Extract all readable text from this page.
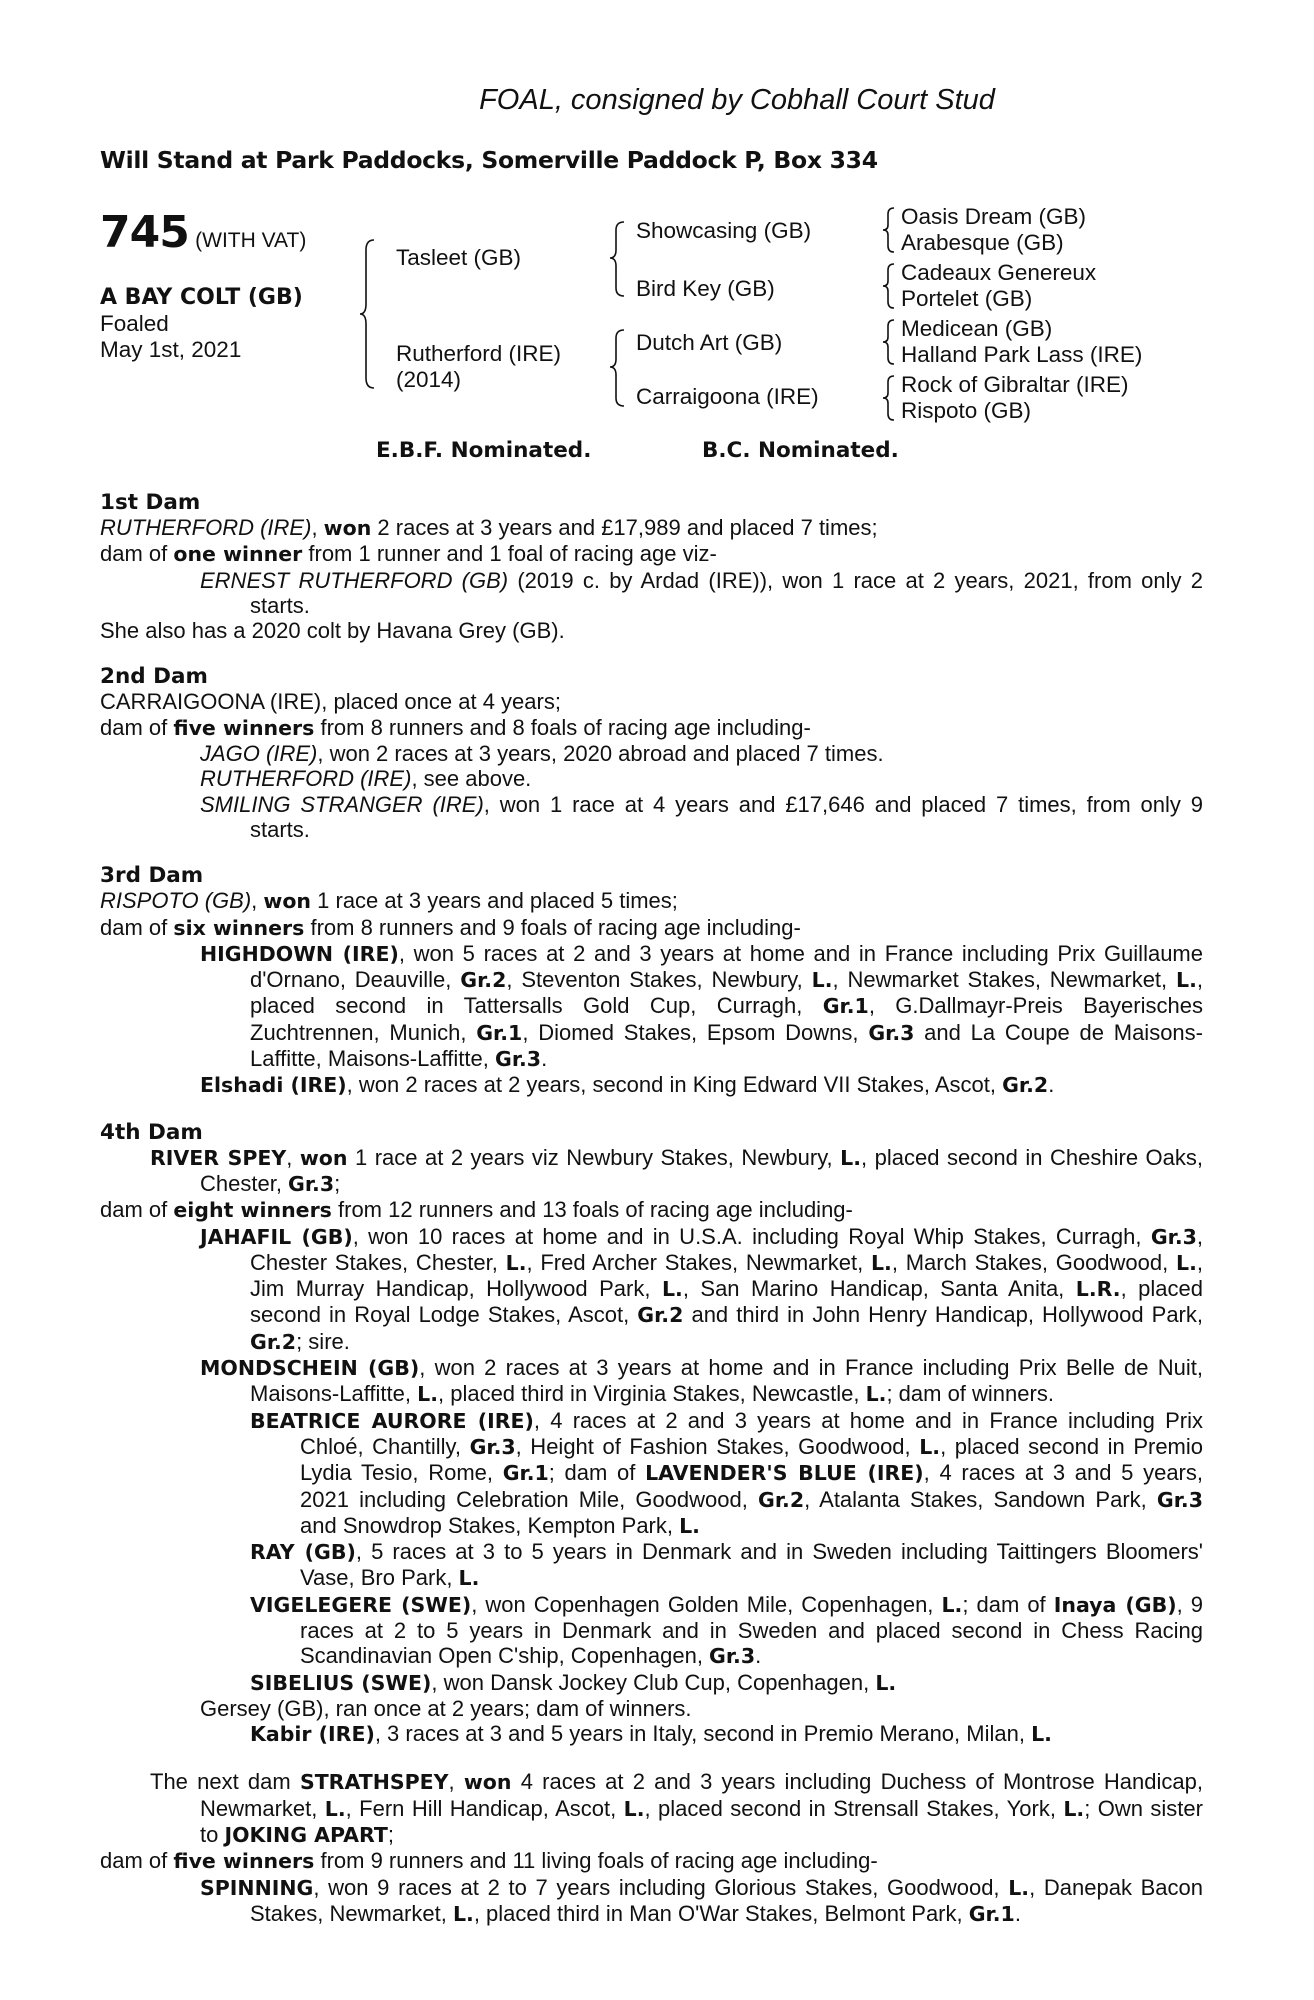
FOAL, consigned by Cobhall Court Stud
Will Stand at Park Paddocks, Somerville Paddock P, Box 334
745 (WITH VAT)
A BAY COLT (GB)
Foaled
May 1st, 2021
Tasleet (GB)
Rutherford (IRE)
(2014)
Showcasing (GB)
Bird Key (GB)
Dutch Art (GB)
Carraigoona (IRE)
Oasis Dream (GB)
Arabesque (GB)
Cadeaux Genereux
Portelet (GB)
Medicean (GB)
Halland Park Lass (IRE)
Rock of Gibraltar (IRE)
Rispoto (GB)
E.B.F. Nominated.	B.C. Nominated.
1st Dam
RUTHERFORD (IRE), won 2 races at 3 years and £17,989 and placed 7 times;
dam of one winner from 1 runner and 1 foal of racing age viz-
ERNEST RUTHERFORD (GB) (2019 c. by Ardad (IRE)), won 1 race at 2 years, 2021, from only 2 starts.
She also has a 2020 colt by Havana Grey (GB).
2nd Dam
CARRAIGOONA (IRE), placed once at 4 years;
dam of five winners from 8 runners and 8 foals of racing age including-
JAGO (IRE), won 2 races at 3 years, 2020 abroad and placed 7 times.
RUTHERFORD (IRE), see above.
SMILING STRANGER (IRE), won 1 race at 4 years and £17,646 and placed 7 times, from only 9 starts.
3rd Dam
RISPOTO (GB), won 1 race at 3 years and placed 5 times;
dam of six winners from 8 runners and 9 foals of racing age including-
HIGHDOWN (IRE), won 5 races at 2 and 3 years at home and in France including Prix Guillaume d'Ornano, Deauville, Gr.2, Steventon Stakes, Newbury, L., Newmarket Stakes, Newmarket, L., placed second in Tattersalls Gold Cup, Curragh, Gr.1, G.Dallmayr-Preis Bayerisches Zuchtrennen, Munich, Gr.1, Diomed Stakes, Epsom Downs, Gr.3 and La Coupe de Maisons-Laffitte, Maisons-Laffitte, Gr.3.
Elshadi (IRE), won 2 races at 2 years, second in King Edward VII Stakes, Ascot, Gr.2.
4th Dam
RIVER SPEY, won 1 race at 2 years viz Newbury Stakes, Newbury, L., placed second in Cheshire Oaks, Chester, Gr.3;
dam of eight winners from 12 runners and 13 foals of racing age including-
JAHAFIL (GB), won 10 races at home and in U.S.A. including Royal Whip Stakes, Curragh, Gr.3, Chester Stakes, Chester, L., Fred Archer Stakes, Newmarket, L., March Stakes, Goodwood, L., Jim Murray Handicap, Hollywood Park, L., San Marino Handicap, Santa Anita, L.R., placed second in Royal Lodge Stakes, Ascot, Gr.2 and third in John Henry Handicap, Hollywood Park, Gr.2; sire.
MONDSCHEIN (GB), won 2 races at 3 years at home and in France including Prix Belle de Nuit, Maisons-Laffitte, L., placed third in Virginia Stakes, Newcastle, L.; dam of winners.
BEATRICE AURORE (IRE), 4 races at 2 and 3 years at home and in France including Prix Chloé, Chantilly, Gr.3, Height of Fashion Stakes, Goodwood, L., placed second in Premio Lydia Tesio, Rome, Gr.1; dam of LAVENDER'S BLUE (IRE), 4 races at 3 and 5 years, 2021 including Celebration Mile, Goodwood, Gr.2, Atalanta Stakes, Sandown Park, Gr.3 and Snowdrop Stakes, Kempton Park, L.
RAY (GB), 5 races at 3 to 5 years in Denmark and in Sweden including Taittingers Bloomers' Vase, Bro Park, L.
VIGELEGERE (SWE), won Copenhagen Golden Mile, Copenhagen, L.; dam of Inaya (GB), 9 races at 2 to 5 years in Denmark and in Sweden and placed second in Chess Racing Scandinavian Open C'ship, Copenhagen, Gr.3.
SIBELIUS (SWE), won Dansk Jockey Club Cup, Copenhagen, L.
Gersey (GB), ran once at 2 years; dam of winners.
Kabir (IRE), 3 races at 3 and 5 years in Italy, second in Premio Merano, Milan, L.
The next dam STRATHSPEY, won 4 races at 2 and 3 years including Duchess of Montrose Handicap, Newmarket, L., Fern Hill Handicap, Ascot, L., placed second in Strensall Stakes, York, L.; Own sister to JOKING APART;
dam of five winners from 9 runners and 11 living foals of racing age including-
SPINNING, won 9 races at 2 to 7 years including Glorious Stakes, Goodwood, L., Danepak Bacon Stakes, Newmarket, L., placed third in Man O'War Stakes, Belmont Park, Gr.1.
